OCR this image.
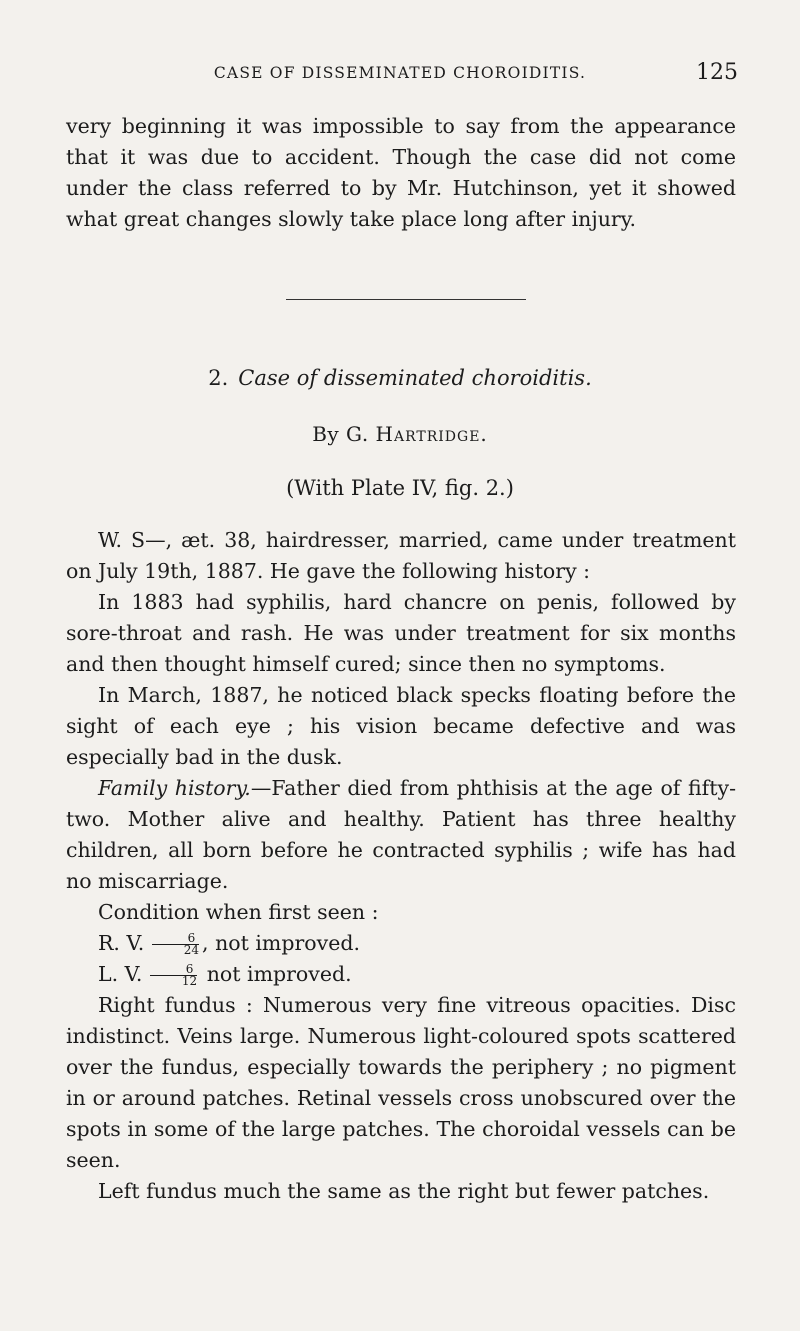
CASE OF DISSEMINATED CHOROIDITIS.	125

very beginning it was impossible to say from the appearance that it was due to accident. Though the case did not come under the class referred to by Mr. Hutchinson, yet it showed what great changes slowly take place long after injury.

2. Case of disseminated choroiditis.
By G. Hartridge.
(With Plate IV, fig. 2.)

W. S—, æt. 38, hairdresser, married, came under treatment on July 19th, 1887. He gave the following history :

In 1883 had syphilis, hard chancre on penis, followed by sore-throat and rash. He was under treatment for six months and then thought himself cured; since then no symptoms.

In March, 1887, he noticed black specks floating before the sight of each eye ; his vision became defective and was especially bad in the dusk.

Family history.—Father died from phthisis at the age of fifty-two. Mother alive and healthy. Patient has three healthy children, all born before he contracted syphilis ; wife has had no miscarriage.

Condition when first seen :

R. V. $\frac{6}{24}$ , not improved.

L. V. $\frac{6}{12}$ not improved.

Right fundus : Numerous very fine vitreous opacities. Disc indistinct. Veins large. Numerous light-coloured spots scattered over the fundus, especially towards the periphery ; no pigment in or around patches. Retinal vessels cross unobscured over the spots in some of the large patches. The choroidal vessels can be seen.

Left fundus much the same as the right but fewer patches.
